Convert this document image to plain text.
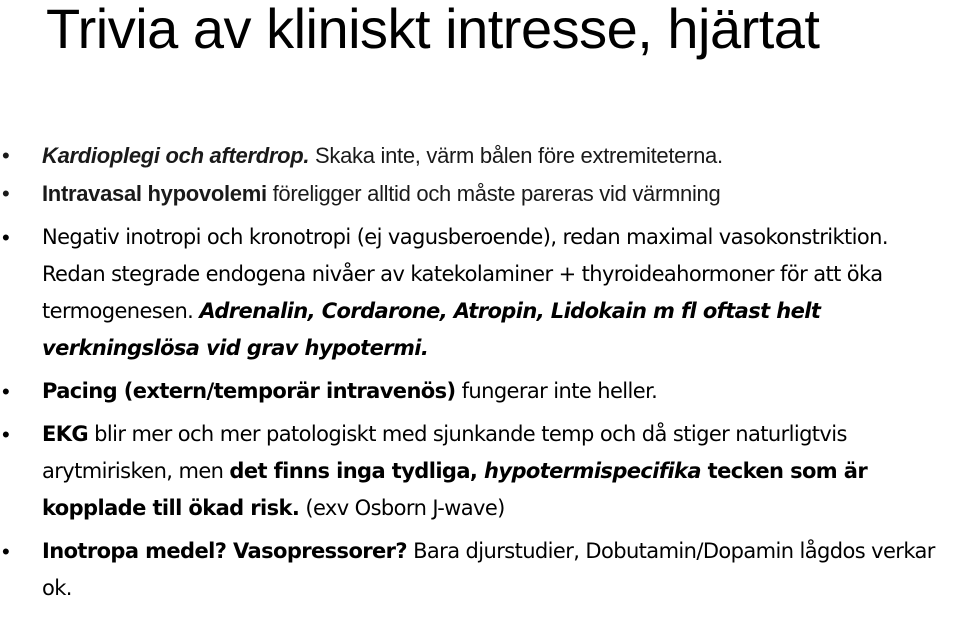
Trivia av kliniskt intresse, hjärtat
• Kardioplegi och afterdrop. Skaka inte, värm bålen före extremiteterna.
• Intravasal hypovolemi föreligger alltid och måste pareras vid värmning
• Negativ inotropi och kronotropi (ej vagusberoende), redan maximal vasokonstriktion. Redan stegrade endogena nivåer av katekolaminer + thyroideahormoner för att öka termogenesen. Adrenalin, Cordarone, Atropin, Lidokain m fl oftast helt verkningslösa vid grav hypotermi.
• Pacing (extern/temporär intravenös) fungerar inte heller.
• EKG blir mer och mer patologiskt med sjunkande temp och då stiger naturligtvis arytmirisken, men det finns inga tydliga, hypotermispecifika tecken som är kopplade till ökad risk. (exv Osborn J-wave)
• Inotropa medel? Vasopressorer? Bara djurstudier, Dobutamin/Dopamin lågdos verkar ok.
